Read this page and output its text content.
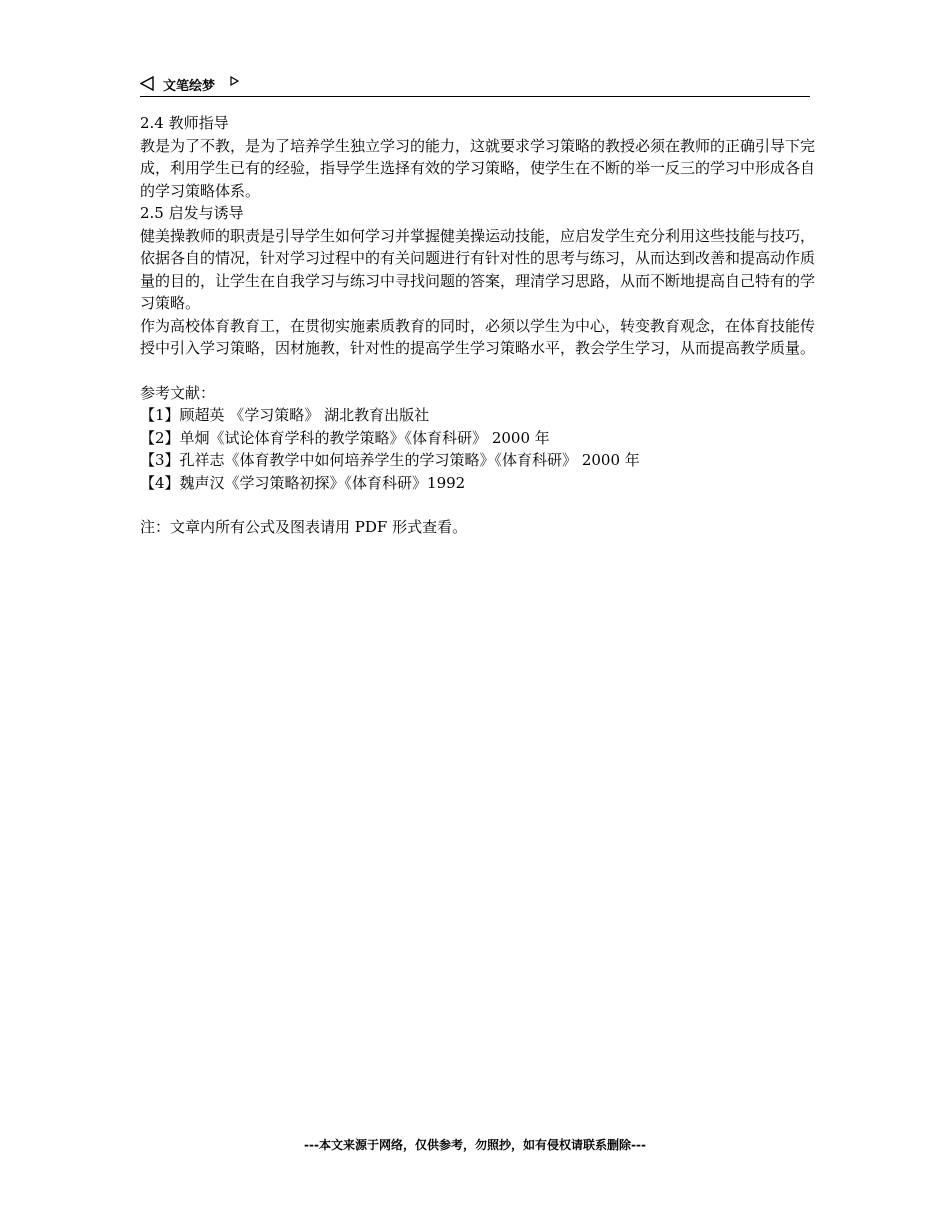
文笔绘梦

2.4 教师指导

教是为了不教，是为了培养学生独立学习的能力，这就要求学习策略的教授必须在教师的正确引导下完成，利用学生已有的经验，指导学生选择有效的学习策略，使学生在不断的举一反三的学习中形成各自的学习策略体系。

2.5 启发与诱导

健美操教师的职责是引导学生如何学习并掌握健美操运动技能，应启发学生充分利用这些技能与技巧，依据各自的情况，针对学习过程中的有关问题进行有针对性的思考与练习，从而达到改善和提高动作质量的目的，让学生在自我学习与练习中寻找问题的答案，理清学习思路，从而不断地提高自己特有的学习策略。

作为高校体育教育工，在贯彻实施素质教育的同时，必须以学生为中心，转变教育观念，在体育技能传授中引入学习策略，因材施教，针对性的提高学生学习策略水平，教会学生学习，从而提高教学质量。

参考文献：

【1】顾超英 《学习策略》 湖北教育出版社

【2】单炯《试论体育学科的教学策略》《体育科研》 2000 年

【3】孔祥志《体育教学中如何培养学生的学习策略》《体育科研》 2000 年

【4】魏声汉《学习策略初探》《体育科研》1992

注：文章内所有公式及图表请用 PDF 形式查看。

---本文来源于网络，仅供参考，勿照抄，如有侵权请联系删除---
